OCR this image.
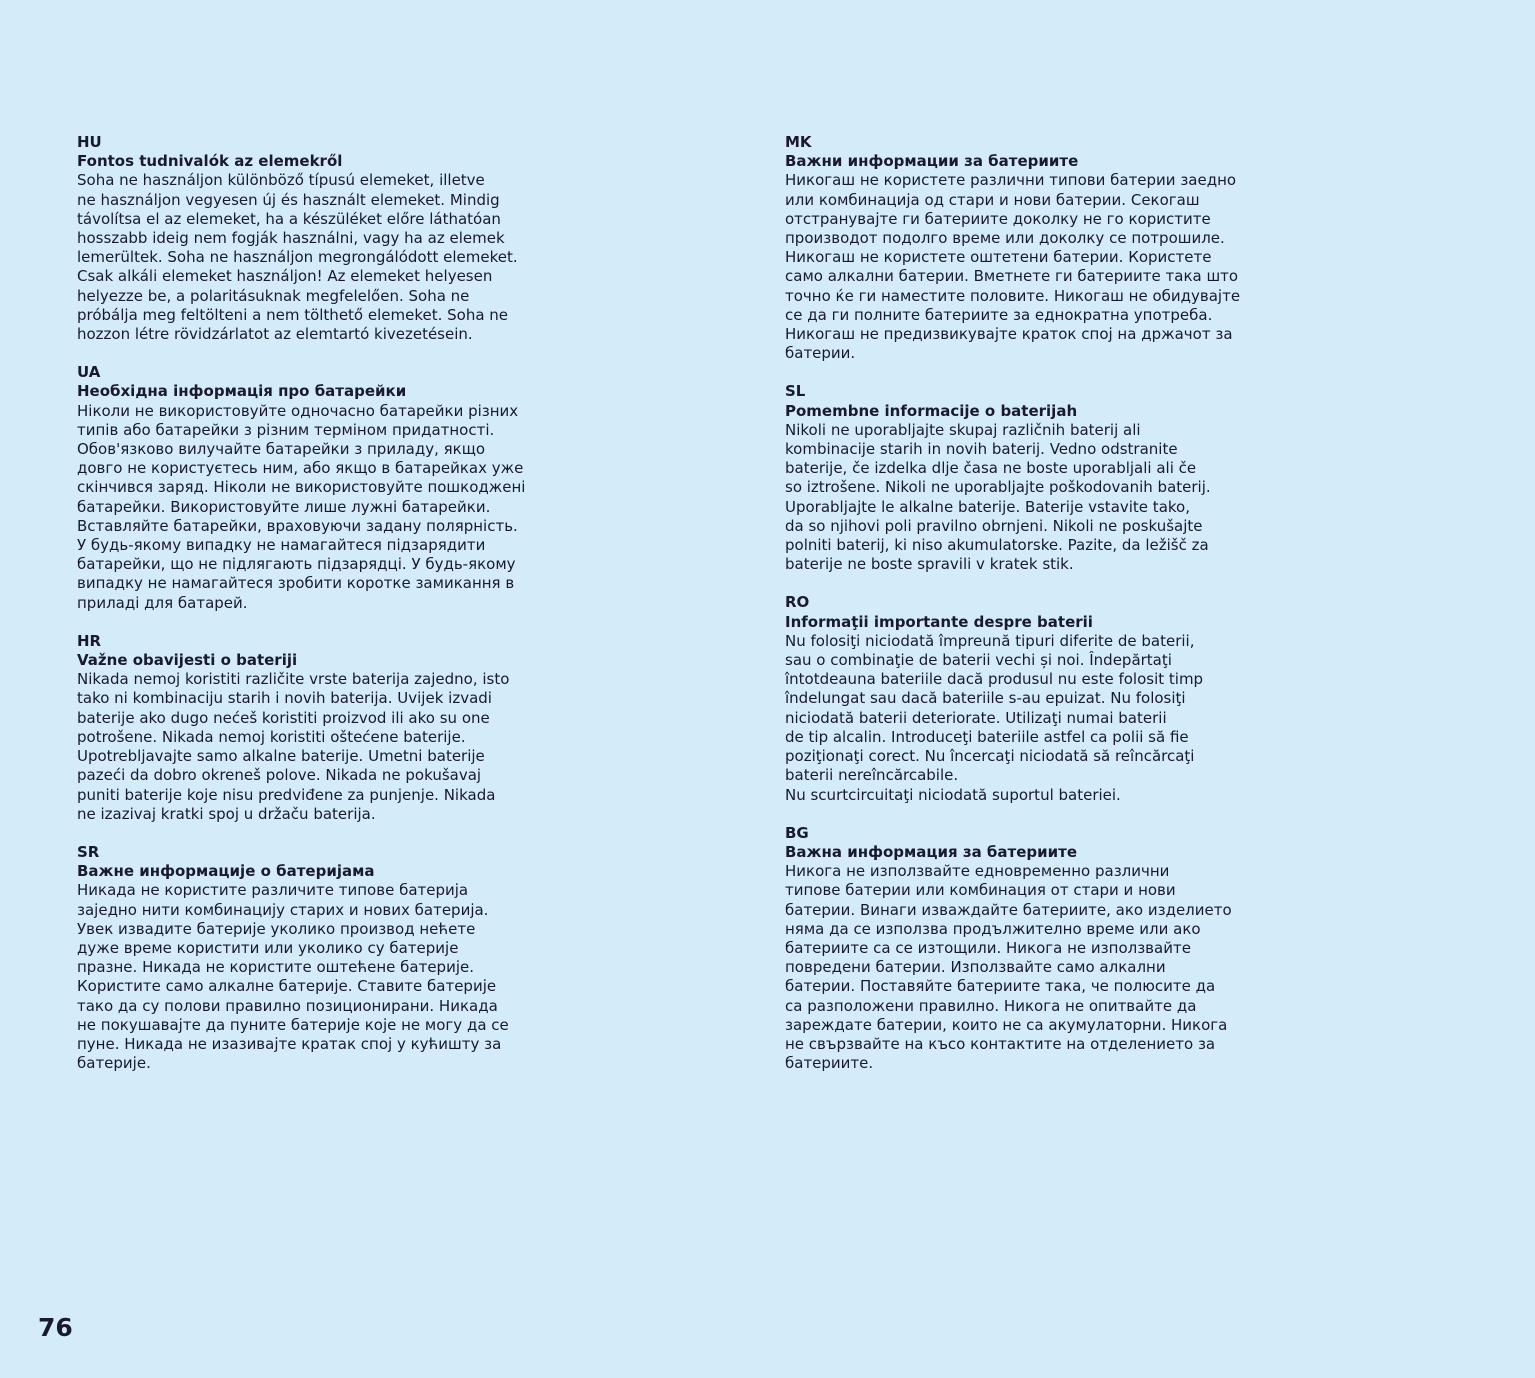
HU
Fontos tudnivalók az elemekről
Soha ne használjon különböző típusú elemeket, illetve
ne használjon vegyesen új és használt elemeket. Mindig
távolítsa el az elemeket, ha a készüléket előre láthatóan
hosszabb ideig nem fogják használni, vagy ha az elemek
lemerültek. Soha ne használjon megrongálódott elemeket.
Csak alkáli elemeket használjon! Az elemeket helyesen
helyezze be, a polaritásuknak megfelelően. Soha ne
próbálja meg feltölteni a nem tölthető elemeket. Soha ne
hozzon létre rövidzárlatot az elemtartó kivezetésein.
UA
Необхідна інформація про батарейки
Ніколи не використовуйте одночасно батарейки різних
типів або батарейки з різним терміном придатності.
Обов'язково вилучайте батарейки з приладу, якщо
довго не користуєтесь ним, або якщо в батарейках уже
скінчився заряд. Ніколи не використовуйте пошкоджені
батарейки. Використовуйте лише лужні батарейки.
Вставляйте батарейки, враховуючи задану полярність.
У будь-якому випадку не намагайтеся підзарядити
батарейки, що не підлягають підзарядці. У будь-якому
випадку не намагайтеся зробити коротке замикання в
приладі для батарей.
HR
Važne obavijesti o bateriji
Nikada nemoj koristiti različite vrste baterija zajedno, isto
tako ni kombinaciju starih i novih baterija. Uvijek izvadi
baterije ako dugo nećeš koristiti proizvod ili ako su one
potrošene. Nikada nemoj koristiti oštećene baterije.
Upotrebljavajte samo alkalne baterije. Umetni baterije
pazeći da dobro okreneš polove. Nikada ne pokušavaj
puniti baterije koje nisu predviđene za punjenje. Nikada
ne izazivaj kratki spoj u držaču baterija.
SR
Важне информације о батеријама
Никада не користите различите типове батерија
заједно нити комбинацију старих и нових батерија.
Увек извадите батерије уколико производ нећете
дуже време користити или уколико су батерије
празне. Никада не користите оштећене батерије.
Користите само алкалне батерије. Ставите батерије
тако да су полови правилно позиционирани. Никада
не покушавајте да пуните батерије које не могу да се
пуне. Никада не изазивајте кратак спој у кућишту за
батерије.
MK
Важни информации за батериите
Никогаш не користете различни типови батерии заедно
или комбинација од стари и нови батерии. Секогаш
отстранувајте ги батериите доколку не го користите
производот подолго време или доколку се потрошиле.
Никогаш не користете оштетени батерии. Користете
само алкални батерии. Вметнете ги батериите така што
точно ќе ги наместите половите. Никогаш не обидувајте
се да ги полните батериите за еднократна употреба.
Никогаш не предизвикувајте краток спој на држачот за
батерии.
SL
Pomembne informacije o baterijah
Nikoli ne uporabljajte skupaj različnih baterij ali
kombinacije starih in novih baterij. Vedno odstranite
baterije, če izdelka dlje časa ne boste uporabljali ali če
so iztrošene. Nikoli ne uporabljajte poškodovanih baterij.
Uporabljajte le alkalne baterije. Baterije vstavite tako,
da so njihovi poli pravilno obrnjeni. Nikoli ne poskušajte
polniti baterij, ki niso akumulatorske. Pazite, da ležišč za
baterije ne boste spravili v kratek stik.
RO
Informaţii importante despre baterii
Nu folosiţi niciodată împreună tipuri diferite de baterii,
sau o combinaţie de baterii vechi și noi. Îndepărtaţi
întotdeauna bateriile dacă produsul nu este folosit timp
îndelungat sau dacă bateriile s-au epuizat. Nu folosiţi
niciodată baterii deteriorate. Utilizaţi numai baterii
de tip alcalin. Introduceţi bateriile astfel ca polii să fie
poziţionaţi corect. Nu încercaţi niciodată să reîncărcaţi
baterii nereîncărcabile.
Nu scurtcircuitaţi niciodată suportul bateriei.
BG
Важна информация за батериите
Никога не използвайте едновременно различни
типове батерии или комбинация от стари и нови
батерии. Винаги изваждайте батериите, ако изделието
няма да се използва продължително време или ако
батериите са се изтощили. Никога не използвайте
повредени батерии. Използвайте само алкални
батерии. Поставяйте батериите така, че полюсите да
са разположени правилно. Никога не опитвайте да
зареждате батерии, които не са акумулаторни. Никога
не свързвайте на късо контактите на отделението за
батериите.
76
